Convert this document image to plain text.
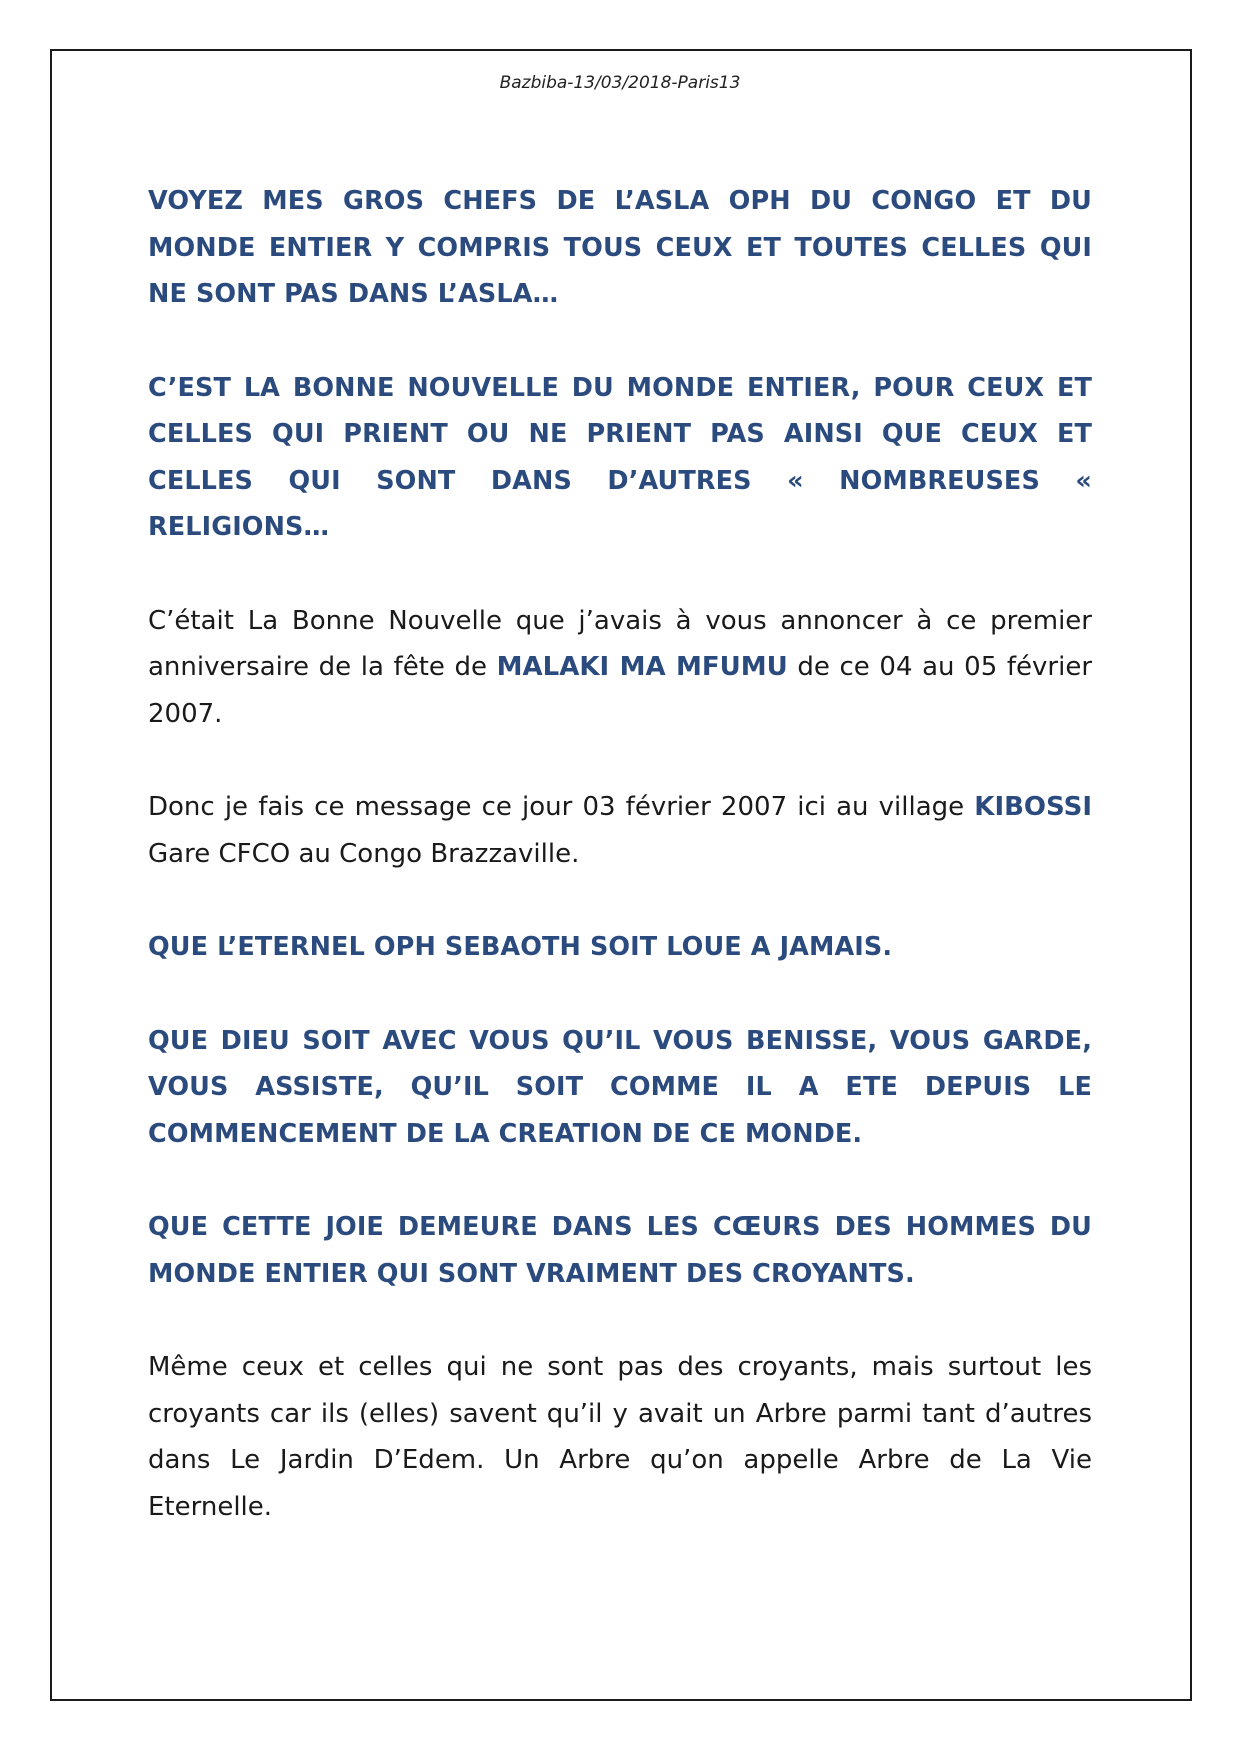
Bazbiba-13/03/2018-Paris13

VOYEZ MES GROS CHEFS DE L’ASLA OPH DU CONGO ET DU MONDE ENTIER Y COMPRIS TOUS CEUX ET TOUTES CELLES QUI NE SONT PAS DANS L’ASLA…

C’EST LA BONNE NOUVELLE DU MONDE ENTIER, POUR CEUX ET CELLES QUI PRIENT OU NE PRIENT PAS AINSI QUE CEUX ET CELLES QUI SONT DANS D’AUTRES « NOMBREUSES « RELIGIONS…

C’était La Bonne Nouvelle que j’avais à vous annoncer à ce premier anniversaire de la fête de MALAKI MA MFUMU de ce 04 au 05 février 2007.

Donc je fais ce message ce jour 03 février 2007 ici au village KIBOSSI Gare CFCO au Congo Brazzaville.

QUE L’ETERNEL OPH SEBAOTH SOIT LOUE A JAMAIS.

QUE DIEU SOIT AVEC VOUS QU’IL VOUS BENISSE, VOUS GARDE, VOUS ASSISTE, QU’IL SOIT COMME IL A ETE DEPUIS LE COMMENCEMENT DE LA CREATION DE CE MONDE.

QUE CETTE JOIE DEMEURE DANS LES CŒURS DES HOMMES DU MONDE ENTIER QUI SONT VRAIMENT DES CROYANTS.

Même ceux et celles qui ne sont pas des croyants, mais surtout les croyants car ils (elles) savent qu’il y avait un Arbre parmi tant d’autres dans Le Jardin D’Edem. Un Arbre qu’on appelle Arbre de La Vie Eternelle.
